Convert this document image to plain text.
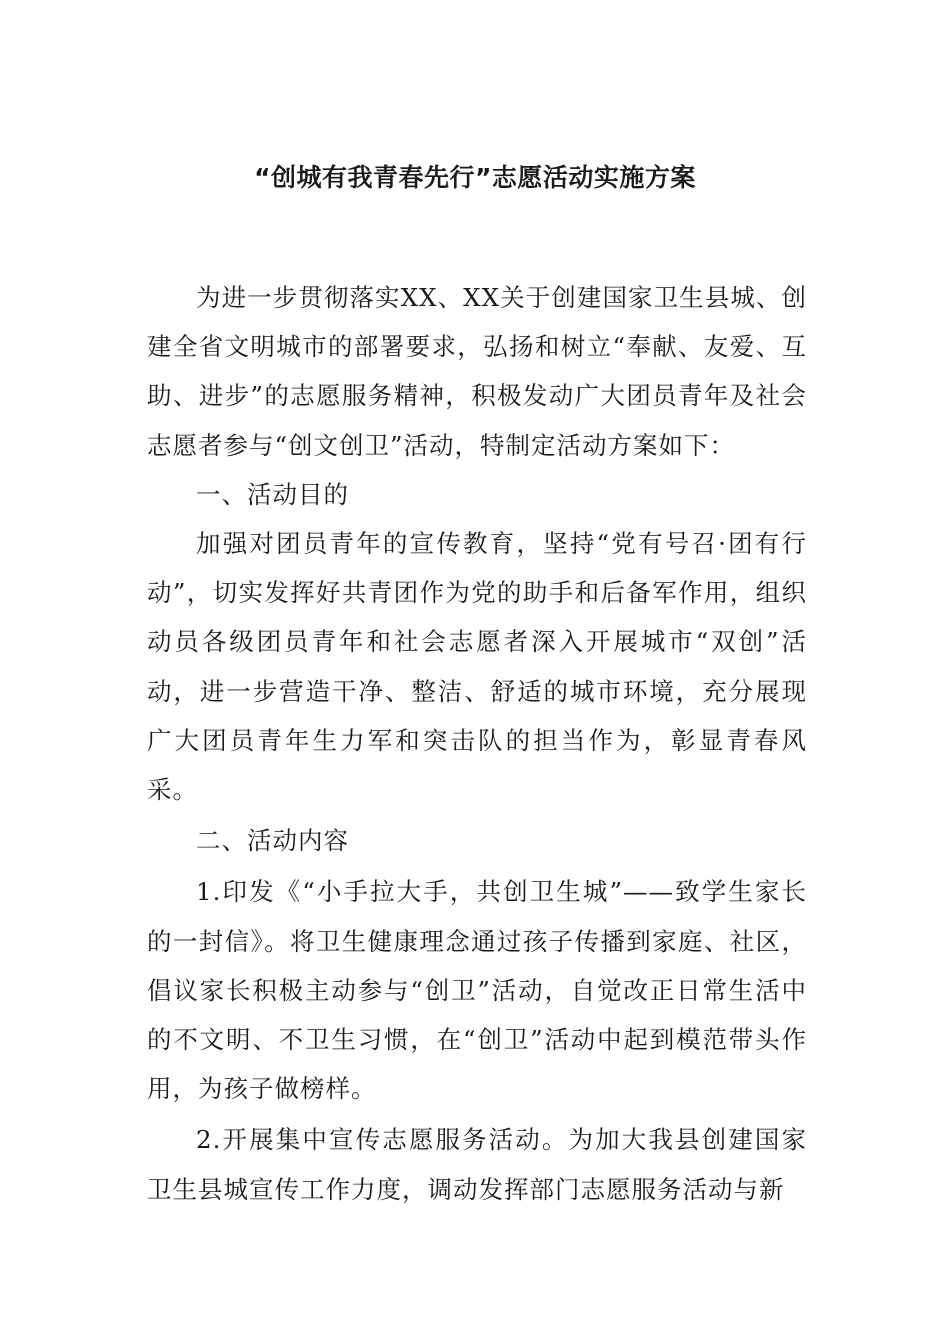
“创城有我青春先行”志愿活动实施方案

为进一步贯彻落实XX、XX关于创建国家卫生县城、创建全省文明城市的部署要求，弘扬和树立“奉献、友爱、互助、进步”的志愿服务精神，积极发动广大团员青年及社会志愿者参与“创文创卫”活动，特制定活动方案如下：

一、活动目的

加强对团员青年的宣传教育，坚持“党有号召·团有行动”，切实发挥好共青团作为党的助手和后备军作用，组织动员各级团员青年和社会志愿者深入开展城市“双创”活动，进一步营造干净、整洁、舒适的城市环境，充分展现广大团员青年生力军和突击队的担当作为，彰显青春风采。

二、活动内容

1.印发《“小手拉大手，共创卫生城”——致学生家长的一封信》。将卫生健康理念通过孩子传播到家庭、社区，倡议家长积极主动参与“创卫”活动，自觉改正日常生活中的不文明、不卫生习惯，在“创卫”活动中起到模范带头作用，为孩子做榜样。

2.开展集中宣传志愿服务活动。为加大我县创建国家卫生县城宣传工作力度，调动发挥部门志愿服务活动与新
